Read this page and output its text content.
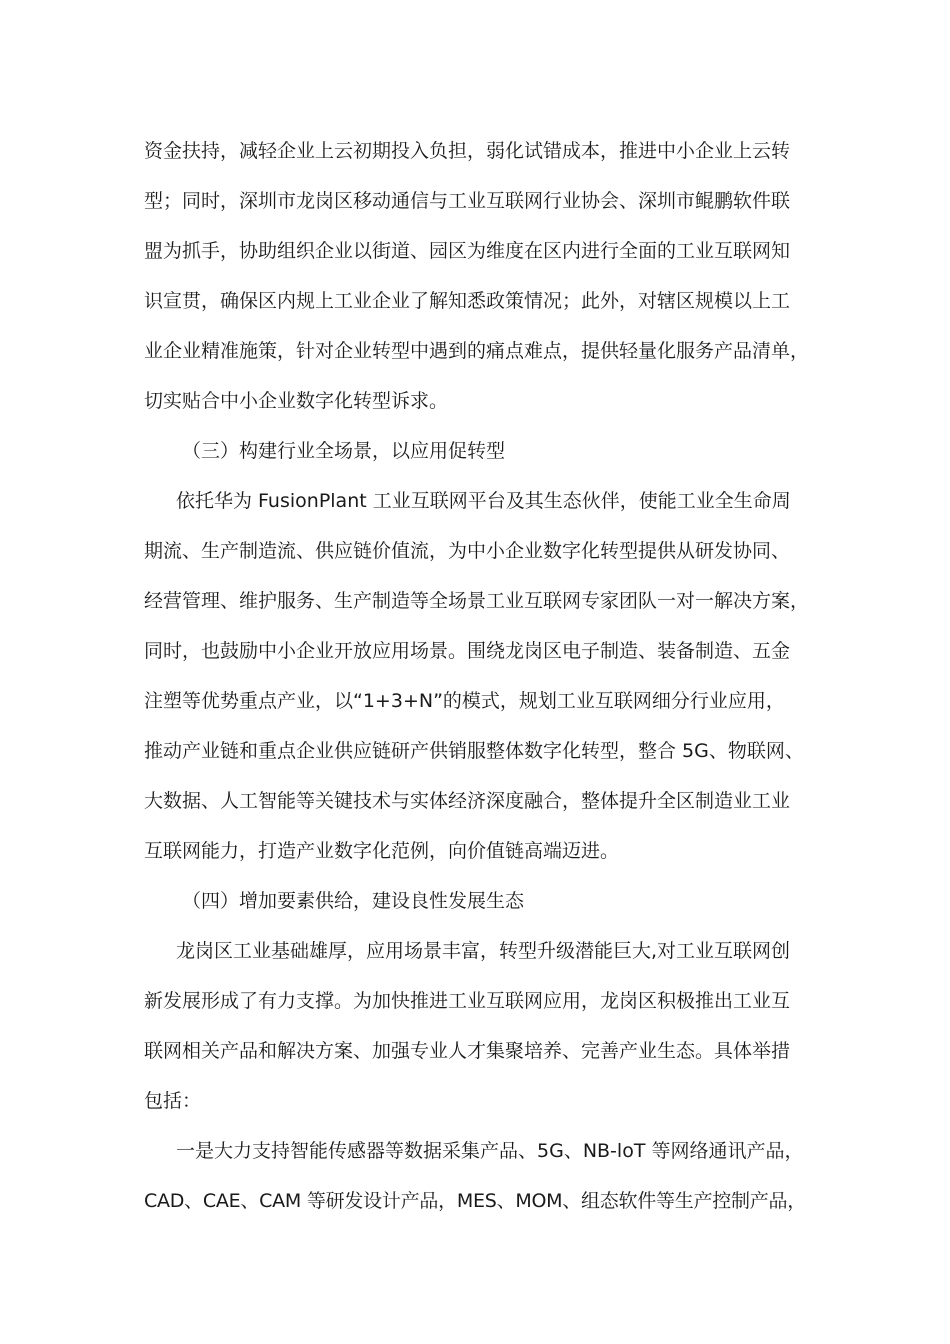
资金扶持，减轻企业上云初期投入负担，弱化试错成本，推进中小企业上云转
型；同时，深圳市龙岗区移动通信与工业互联网行业协会、深圳市鲲鹏软件联
盟为抓手，协助组织企业以街道、园区为维度在区内进行全面的工业互联网知
识宣贯，确保区内规上工业企业了解知悉政策情况；此外，对辖区规模以上工
业企业精准施策，针对企业转型中遇到的痛点难点，提供轻量化服务产品清单，
切实贴合中小企业数字化转型诉求。
（三）构建行业全场景，以应用促转型
依托华为 FusionPlant 工业互联网平台及其生态伙伴，使能工业全生命周
期流、生产制造流、供应链价值流，为中小企业数字化转型提供从研发协同、
经营管理、维护服务、生产制造等全场景工业互联网专家团队一对一解决方案，
同时，也鼓励中小企业开放应用场景。围绕龙岗区电子制造、装备制造、五金
注塑等优势重点产业，以“1+3+N”的模式，规划工业互联网细分行业应用，
推动产业链和重点企业供应链研产供销服整体数字化转型，整合 5G、物联网、
大数据、人工智能等关键技术与实体经济深度融合，整体提升全区制造业工业
互联网能力，打造产业数字化范例，向价值链高端迈进。
（四）增加要素供给，建设良性发展生态
龙岗区工业基础雄厚，应用场景丰富，转型升级潜能巨大,对工业互联网创
新发展形成了有力支撑。为加快推进工业互联网应用，龙岗区积极推出工业互
联网相关产品和解决方案、加强专业人才集聚培养、完善产业生态。具体举措
包括：
一是大力支持智能传感器等数据采集产品、5G、NB-loT 等网络通讯产品，
CAD、CAE、CAM 等研发设计产品，MES、MOM、组态软件等生产控制产品，
